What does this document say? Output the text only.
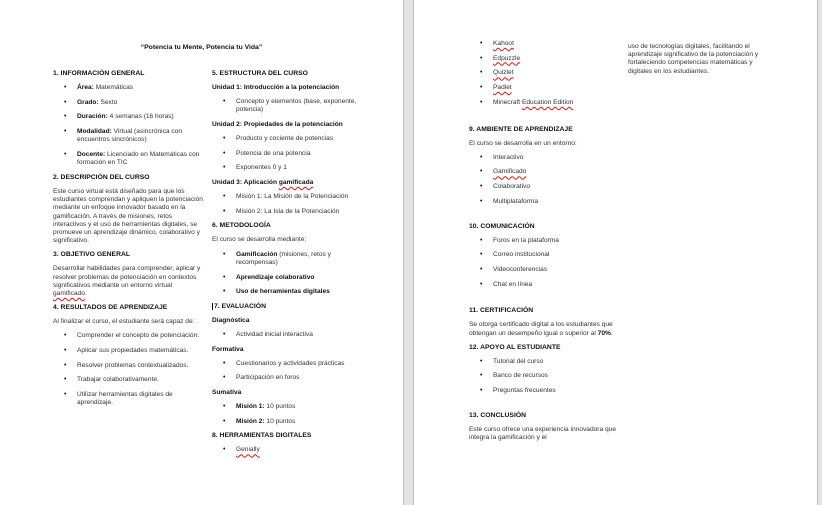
“Potencia tu Mente, Potencia tu Vida”
1. INFORMACIÓN GENERAL
• Área: Matemáticas
• Grado: Sexto
• Duración: 4 semanas (16 horas)
• Modalidad: Virtual (asincrónica con encuentros sincrónicos)
• Docente: Licenciado en Matemáticas con formación en TIC
2. DESCRIPCIÓN DEL CURSO

Este curso virtual está diseñado para que los estudiantes comprendan y apliquen la potenciación mediante un enfoque innovador basado en la gamificación. A través de misiones, retos interactivos y el uso de herramientas digitales, se promueve un aprendizaje dinámico, colaborativo y significativo.

3. OBJETIVO GENERAL

Desarrollar habilidades para comprender, aplicar y resolver problemas de potenciación en contextos significativos mediante un entorno virtual gamificado.

4. RESULTADOS DE APRENDIZAJE

Al finalizar el curso, el estudiante será capaz de:

• Comprender el concepto de potenciación.
• Aplicar sus propiedades matemáticas.
• Resolver problemas contextualizados.
• Trabajar colaborativamente.
• Utilizar herramientas digitales de aprendizaje.
5. ESTRUCTURA DEL CURSO
Unidad 1: Introducción a la potenciación
• Concepto y elementos (base, exponente, potencia)
Unidad 2: Propiedades de la potenciación
• Producto y cociente de potencias
• Potencia de una potencia
• Exponentes 0 y 1
Unidad 3: Aplicación gamificada
• Misión 1: La Misión de la Potenciación
• Misión 2: La Isla de la Potenciación
6. METODOLOGÍA

El curso se desarrolla mediante:

• Gamificación (misiones, retos y recompensas)
• Aprendizaje colaborativo
• Uso de herramientas digitales
7. EVALUACIÓN
Diagnóstica
• Actividad inicial interactiva
Formativa
• Cuestionarios y actividades prácticas
• Participación en foros
Sumativa
• Misión 1: 10 puntos
• Misión 2: 10 puntos
8. HERRAMIENTAS DIGITALES
• Genially
• Kahoot
• Edpuzzle
• Quizlet
• Padlet
• Minecraft Education Edition
9. AMBIENTE DE APRENDIZAJE

El curso se desarrolla en un entorno:

• Interactivo
• Gamificado
• Colaborativo
• Multiplataforma
10. COMUNICACIÓN
• Foros en la plataforma
• Correo institucional
• Videoconferencias
• Chat en línea
11. CERTIFICACIÓN

Se otorga certificado digital a los estudiantes que obtengan un desempeño igual o superior al 70%.

12. APOYO AL ESTUDIANTE
• Tutorial del curso
• Banco de recursos
• Preguntas frecuentes
13. CONCLUSIÓN

Este curso ofrece una experiencia innovadora que integra la gamificación y el

uso de tecnologías digitales, facilitando el aprendizaje significativo de la potenciación y fortaleciendo competencias matemáticas y digitales en los estudiantes.
